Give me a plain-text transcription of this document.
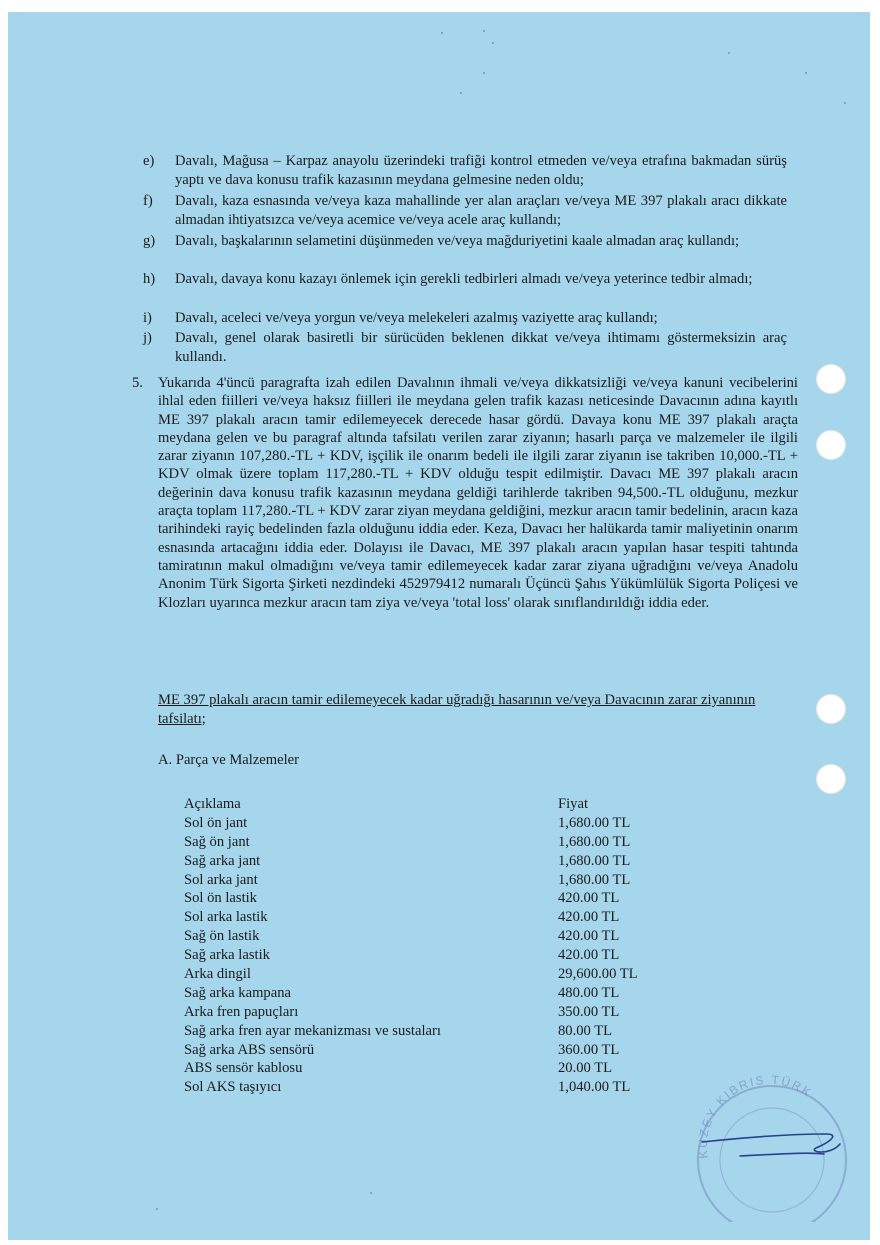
e)	Davalı, Mağusa – Karpaz anayolu üzerindeki trafiği kontrol etmeden ve/veya etrafına bakmadan sürüş yaptı ve dava konusu trafik kazasının meydana gelmesine neden oldu;
f)	Davalı, kaza esnasında ve/veya kaza mahallinde yer alan araçları ve/veya ME 397 plakalı aracı dikkate almadan ihtiyatsızca ve/veya acemice ve/veya acele araç kullandı;
g)	Davalı, başkalarının selametini düşünmeden ve/veya mağduriyetini kaale almadan araç kullandı;
h)	Davalı, davaya konu kazayı önlemek için gerekli tedbirleri almadı ve/veya yeterince tedbir almadı;
i)	Davalı, aceleci ve/veya yorgun ve/veya melekeleri azalmış vaziyette araç kullandı;
j)	Davalı, genel olarak basiretli bir sürücüden beklenen dikkat ve/veya ihtimamı göstermeksizin araç kullandı.
5. Yukarıda 4'üncü paragrafta izah edilen Davalının ihmali ve/veya dikkatsizliği ve/veya kanuni vecibelerini ihlal eden fiilleri ve/veya haksız fiilleri ile meydana gelen trafik kazası neticesinde Davacının adına kayıtlı ME 397 plakalı aracın tamir edilemeyecek derecede hasar gördü. Davaya konu ME 397 plakalı araçta meydana gelen ve bu paragraf altında tafsilatı verilen zarar ziyanın; hasarlı parça ve malzemeler ile ilgili zarar ziyanın 107,280.-TL + KDV, işçilik ile onarım bedeli ile ilgili zarar ziyanın ise takriben 10,000.-TL + KDV olmak üzere toplam 117,280.-TL + KDV olduğu tespit edilmiştir. Davacı ME 397 plakalı aracın değerinin dava konusu trafik kazasının meydana geldiği tarihlerde takriben 94,500.-TL olduğunu, mezkur araçta toplam 117,280.-TL + KDV zarar ziyan meydana geldiğini, mezkur aracın tamir bedelinin, aracın kaza tarihindeki rayiç bedelinden fazla olduğunu iddia eder. Keza, Davacı her halükarda tamir maliyetinin onarım esnasında artacağını iddia eder. Dolayısı ile Davacı, ME 397 plakalı aracın yapılan hasar tespiti tahtında tamiratının makul olmadığını ve/veya tamir edilemeyecek kadar zarar ziyana uğradığını ve/veya Anadolu Anonim Türk Sigorta Şirketi nezdindeki 452979412 numaralı Üçüncü Şahıs Yükümlülük Sigorta Poliçesi ve Klozları uyarınca mezkur aracın tam ziya ve/veya 'total loss' olarak sınıflandırıldığı iddia eder.
ME 397 plakalı aracın tamir edilemeyecek kadar uğradığı hasarının ve/veya Davacının zarar ziyanının tafsilatı;
A. Parça ve Malzemeler
Açıklama	Fiyat
Sol ön jant	1,680.00 TL
Sağ ön jant	1,680.00 TL
Sağ arka jant	1,680.00 TL
Sol arka jant	1,680.00 TL
Sol ön lastik	420.00 TL
Sol arka lastik	420.00 TL
Sağ ön lastik	420.00 TL
Sağ arka lastik	420.00 TL
Arka dingil	29,600.00 TL
Sağ arka kampana	480.00 TL
Arka fren papuçları	350.00 TL
Sağ arka fren ayar mekanizması ve sustaları	80.00 TL
Sağ arka ABS sensörü	360.00 TL
ABS sensör kablosu	20.00 TL
Sol AKS taşıyıcı	1,040.00 TL
KUZEY KIBRIS TÜRK
